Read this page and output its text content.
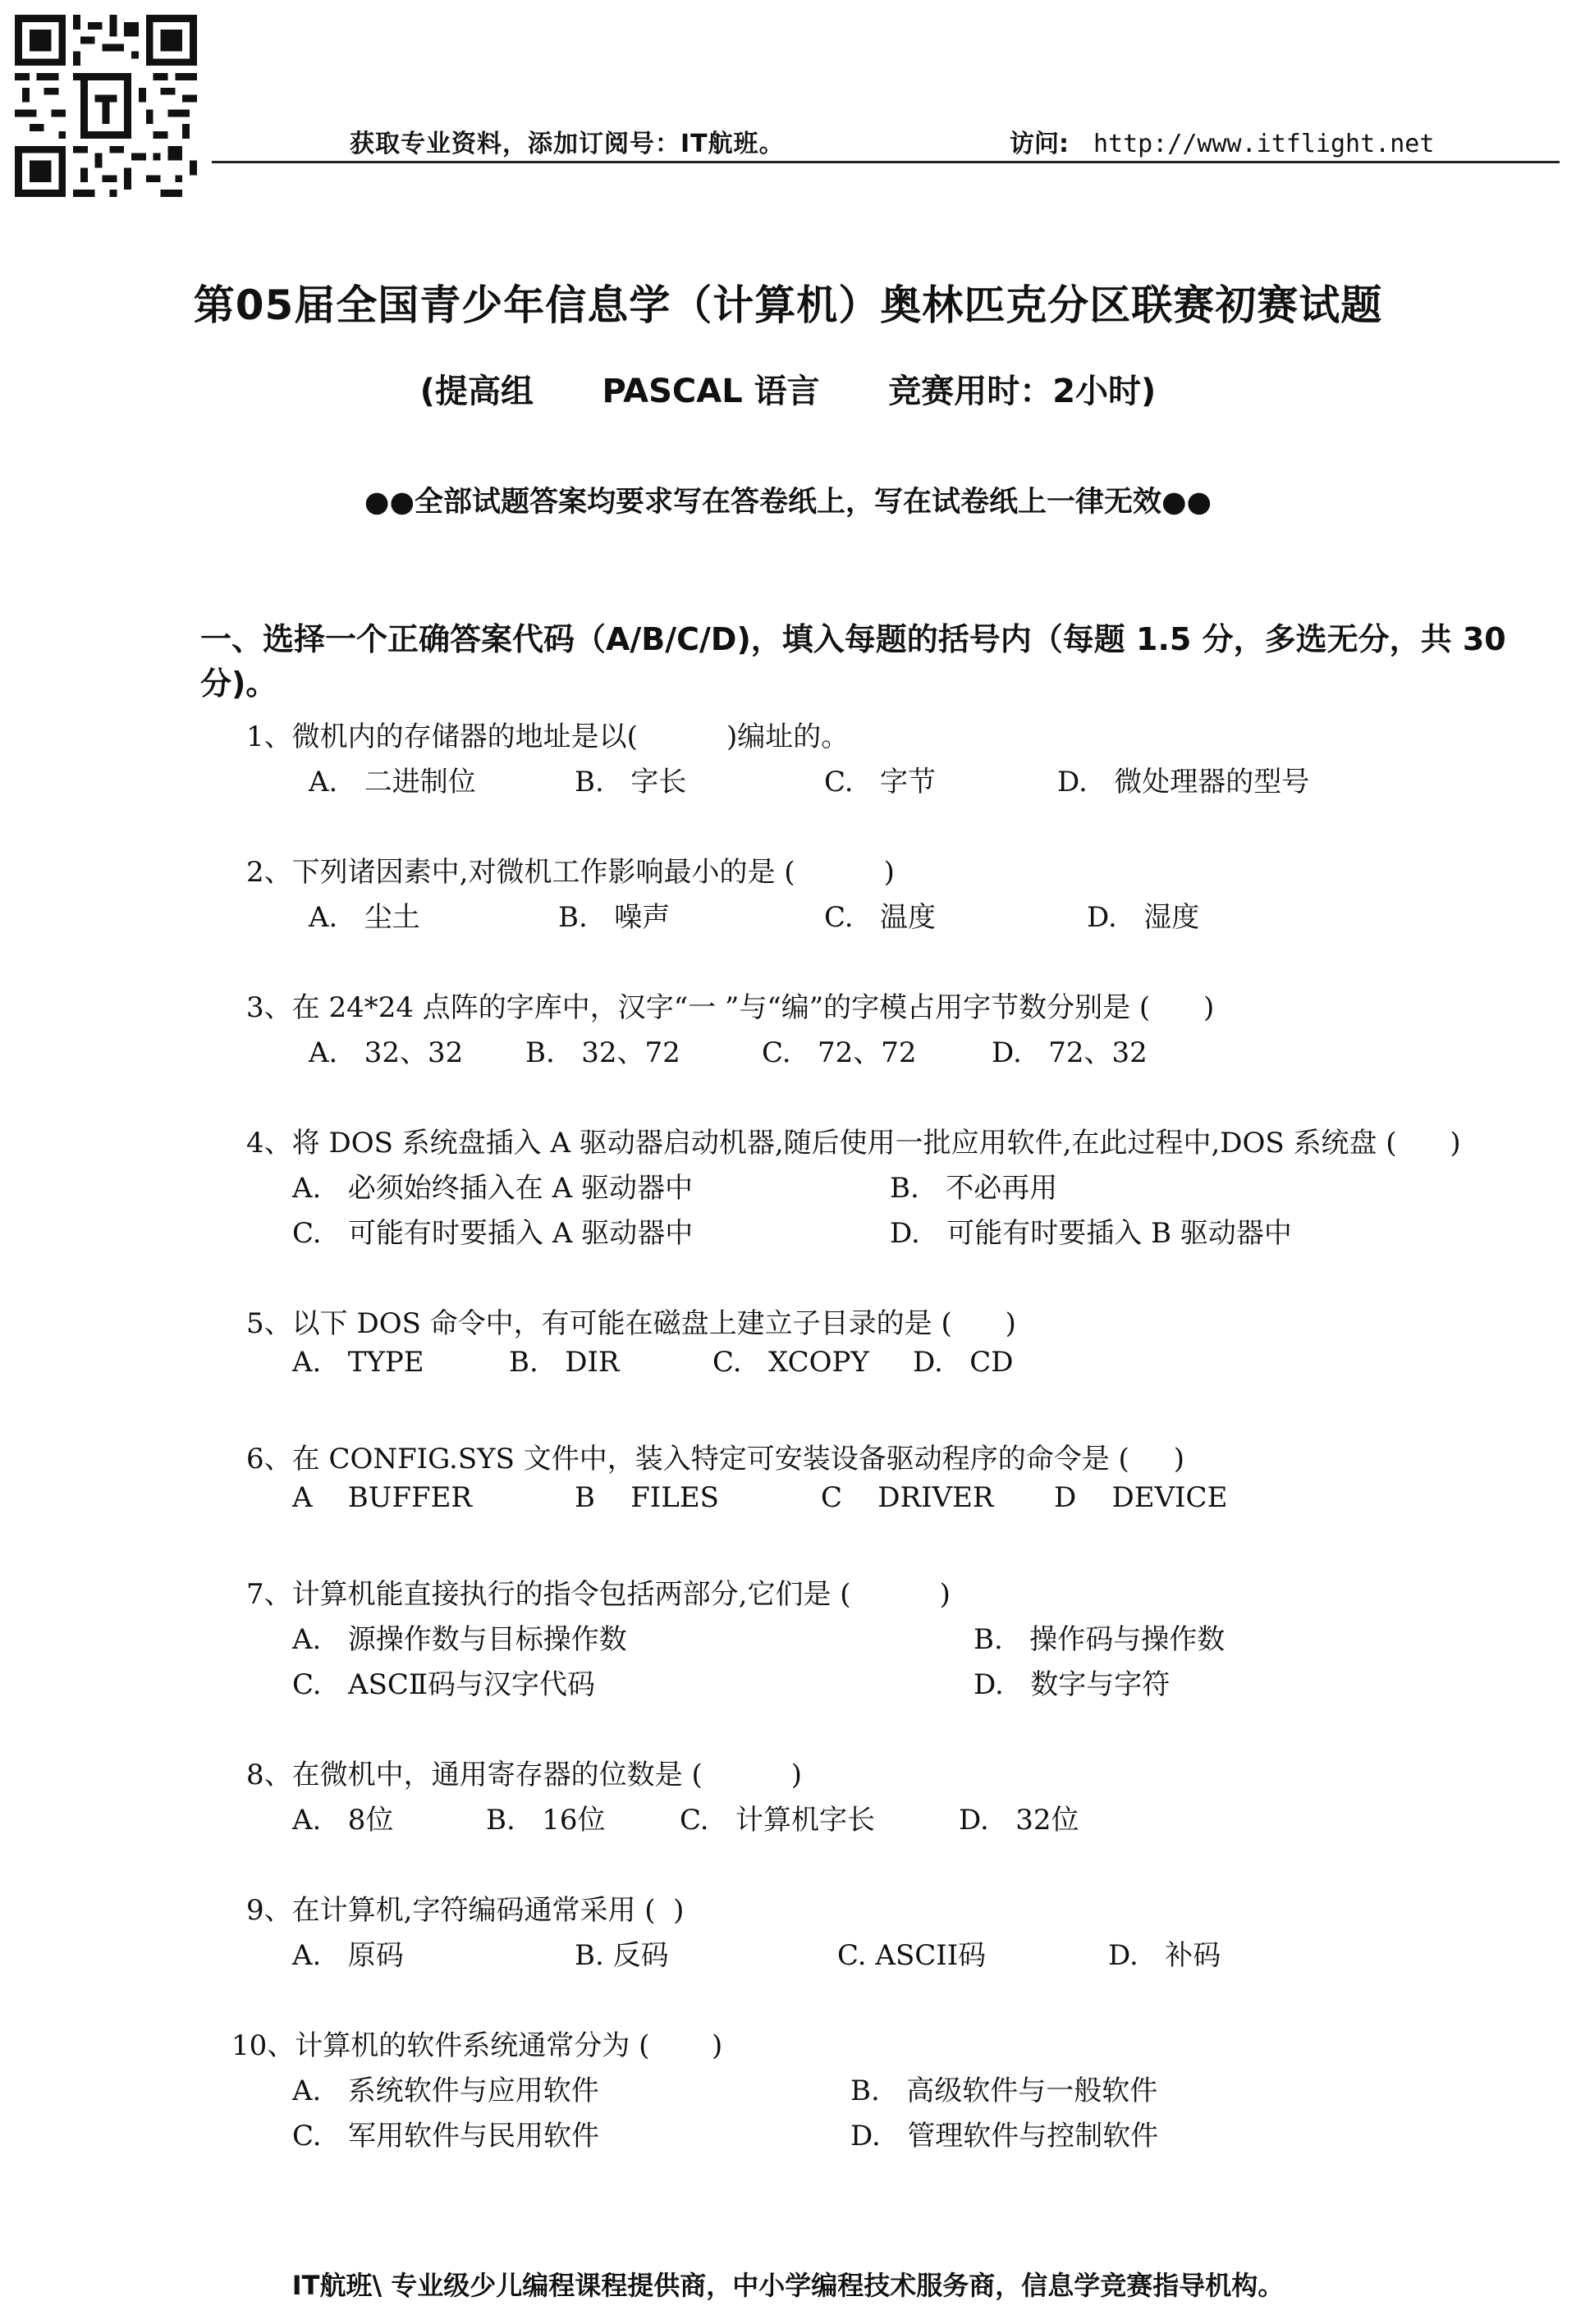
获取专业资料，添加订阅号：IT航班。	访问: http://www.itflight.net
第05届全国青少年信息学（计算机）奥林匹克分区联赛初赛试题
(提高组      PASCAL 语言      竞赛用时：2小时)
●●全部试题答案均要求写在答卷纸上，写在试卷纸上一律无效●●
一、选择一个正确答案代码（A/B/C/D)，填入每题的括号内（每题 1.5 分，多选无分，共 30 分)。
1、微机内的存储器的地址是以(          )编址的。
A.   二进制位	B.   字长	C.   字节	D.   微处理器的型号
2、下列诸因素中,对微机工作影响最小的是 (          )
A.   尘土	B.   噪声	C.   温度	D.   湿度
3、在 24*24 点阵的字库中，汉字“一 ”与“编”的字模占用字节数分别是 (      )
A.   32、32 B.   32、72	C.   72、72	D.   72、32
4、将 DOS 系统盘插入 A 驱动器启动机器,随后使用一批应用软件,在此过程中,DOS 系统盘 (      )
A.   必须始终插入在 A 驱动器中	B.   不必再用
C.   可能有时要插入 A 驱动器中	D.   可能有时要插入 B 驱动器中
5、以下 DOS 命令中，有可能在磁盘上建立子目录的是 (      )
A.   TYPE	B.   DIR	C.   XCOPY D.   CD
6、在 CONFIG.SYS 文件中，装入特定可安装设备驱动程序的命令是 (     )
A    BUFFER	B    FILES	C    DRIVER D    DEVICE
7、计算机能直接执行的指令包括两部分,它们是 (          )
A.   源操作数与目标操作数	B.   操作码与操作数
C.   ASCⅡ码与汉字代码	D.   数字与字符
8、在微机中，通用寄存器的位数是 (          )
A.   8位	B.   16位	C.   计算机字长	D.   32位
9、在计算机,字符编码通常采用 (  )
A.   原码	B. 反码	C. ASCII码	D.   补码
10、计算机的软件系统通常分为 (       )
A.   系统软件与应用软件	B.   高级软件与一般软件
C.   军用软件与民用软件	D.   管理软件与控制软件
IT航班\ 专业级少儿编程课程提供商，中小学编程技术服务商，信息学竞赛指导机构。
